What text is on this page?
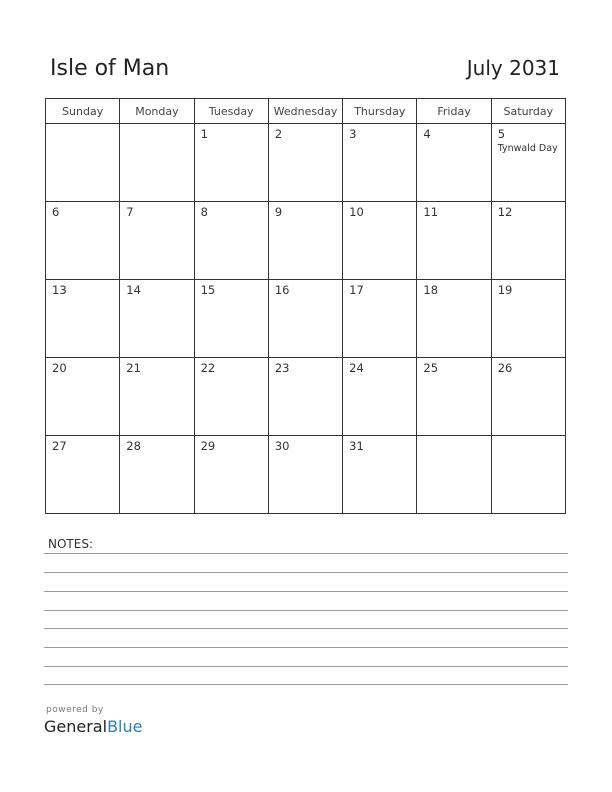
Isle of Man	July 2031
Sunday	Monday	Tuesday	Wednesday	Thursday	Friday	Saturday

		1	2	3	4	5
Tynwald Day

6	7	8	9	10	11	12

13	14	15	16	17	18	19

20	21	22	23	24	25	26

27	28	29	30	31		

NOTES:
powered by
GeneralBlue
